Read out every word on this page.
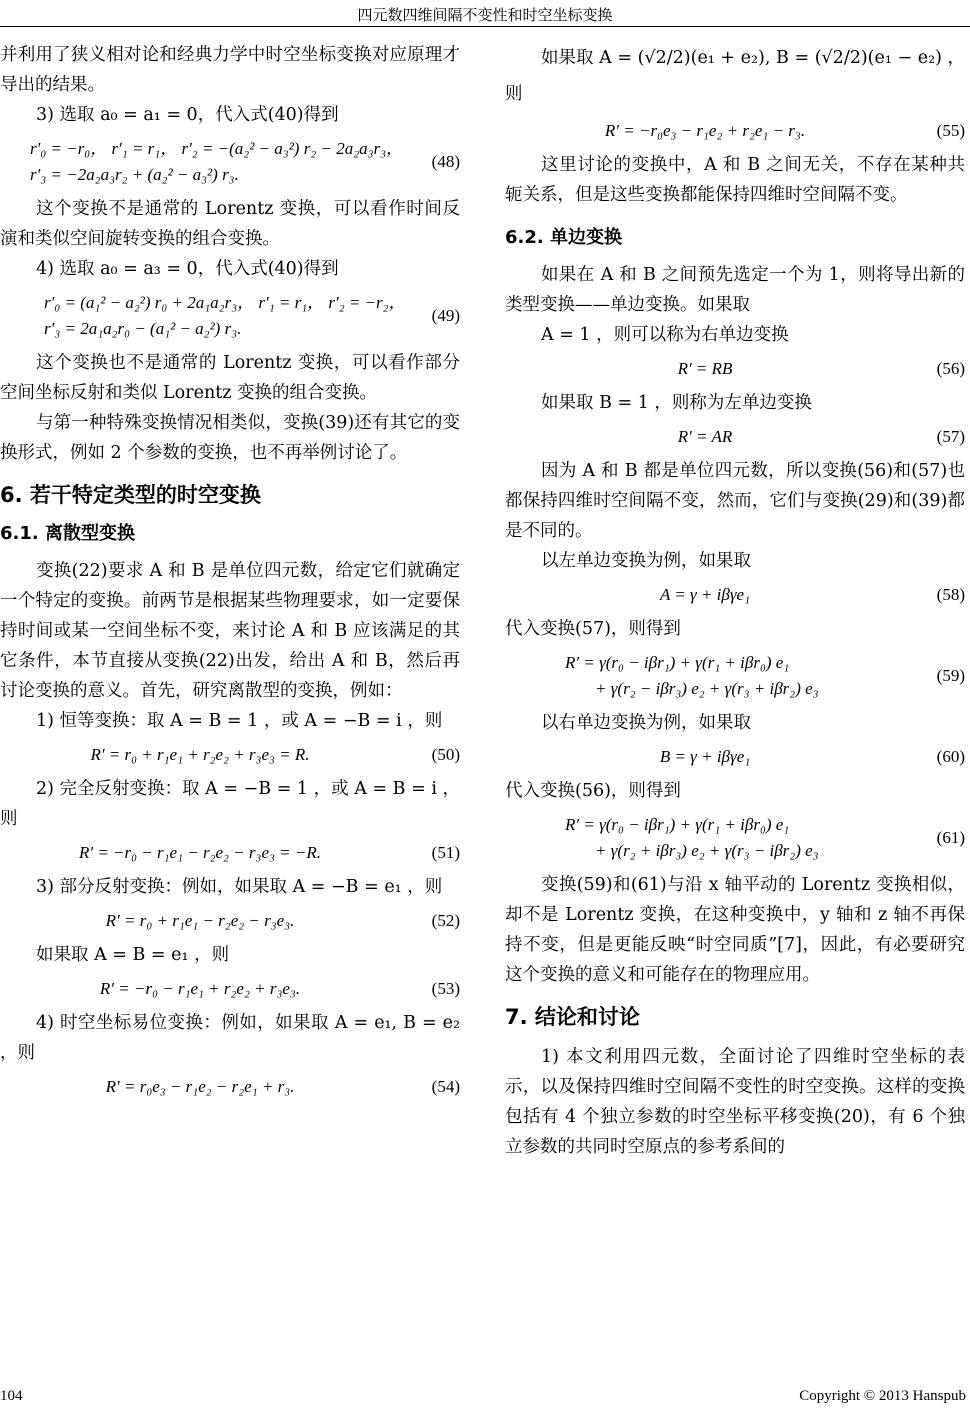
四元数四维间隔不变性和时空坐标变换

并利用了狭义相对论和经典力学中时空坐标变换对应原理才导出的结果。

3) 选取 a₀ = a₁ = 0，代入式(40)得到

r′₀ = −r₀， r′₁ = r₁， r′₂ = −(a₂² − a₃²) r₂ − 2a₂a₃r₃，
r′₃ = −2a₂a₃r₂ + (a₂² − a₃²) r₃.
(48)

这个变换不是通常的 Lorentz 变换，可以看作时间反演和类似空间旋转变换的组合变换。

4) 选取 a₀ = a₃ = 0，代入式(40)得到

r′₀ = (a₁² − a₂²) r₀ + 2a₁a₂r₃， r′₁ = r₁， r′₂ = −r₂，
r′₃ = 2a₁a₂r₀ − (a₁² − a₂²) r₃.
(49)

这个变换也不是通常的 Lorentz 变换，可以看作部分空间坐标反射和类似 Lorentz 变换的组合变换。

与第一种特殊变换情况相类似，变换(39)还有其它的变换形式，例如 2 个参数的变换，也不再举例讨论了。

6. 若干特定类型的时空变换
6.1. 离散型变换

变换(22)要求 A 和 B 是单位四元数，给定它们就确定一个特定的变换。前两节是根据某些物理要求，如一定要保持时间或某一空间坐标不变，来讨论 A 和 B 应该满足的其它条件，本节直接从变换(22)出发，给出 A 和 B，然后再讨论变换的意义。首先，研究离散型的变换，例如：

1) 恒等变换：取 A = B = 1 ，或 A = −B = i ，则

R′ = r₀ + r₁e₁ + r₂e₂ + r₃e₃ = R.	(50)

2) 完全反射变换：取 A = −B = 1 ，或 A = B = i ，则

R′ = −r₀ − r₁e₁ − r₂e₂ − r₃e₃ = −R.	(51)

3) 部分反射变换：例如，如果取 A = −B = e₁ ，则

R′ = r₀ + r₁e₁ − r₂e₂ − r₃e₃.	(52)

如果取 A = B = e₁ ，则

R′ = −r₀ − r₁e₁ + r₂e₂ + r₃e₃.	(53)

4) 时空坐标易位变换：例如，如果取 A = e₁, B = e₂ ，则

R′ = r₀e₃ − r₁e₂ − r₂e₁ + r₃.	(54)

如果取 A = (√2/2)(e₁ + e₂), B = (√2/2)(e₁ − e₂) ，则

R′ = −r₀e₃ − r₁e₂ + r₂e₁ − r₃.	(55)

这里讨论的变换中，A 和 B 之间无关，不存在某种共轭关系，但是这些变换都能保持四维时空间隔不变。

6.2. 单边变换

如果在 A 和 B 之间预先选定一个为 1，则将导出新的类型变换——单边变换。如果取

A = 1 ，则可以称为右单边变换

R′ = RB	(56)

如果取 B = 1 ，则称为左单边变换

R′ = AR	(57)

因为 A 和 B 都是单位四元数，所以变换(56)和(57)也都保持四维时空间隔不变，然而，它们与变换(29)和(39)都是不同的。

以左单边变换为例，如果取

A = γ + iβγe₁	(58)

代入变换(57)，则得到

R′ = γ(r₀ − iβr₁) + γ(r₁ + iβr₀) e₁
+ γ(r₂ − iβr₃) e₂ + γ(r₃ + iβr₂) e₃
(59)

以右单边变换为例，如果取

B = γ + iβγe₁	(60)

代入变换(56)，则得到

R′ = γ(r₀ − iβr₁) + γ(r₁ + iβr₀) e₁
+ γ(r₂ + iβr₃) e₂ + γ(r₃ − iβr₂) e₃
(61)

变换(59)和(61)与沿 x 轴平动的 Lorentz 变换相似，却不是 Lorentz 变换，在这种变换中，y 轴和 z 轴不再保持不变，但是更能反映“时空同质”[7]，因此，有必要研究这个变换的意义和可能存在的物理应用。

7. 结论和讨论

1) 本文利用四元数，全面讨论了四维时空坐标的表示，以及保持四维时空间隔不变性的时空变换。这样的变换包括有 4 个独立参数的时空坐标平移变换(20)，有 6 个独立参数的共同时空原点的参考系间的

104	Copyright © 2013 Hanspub
